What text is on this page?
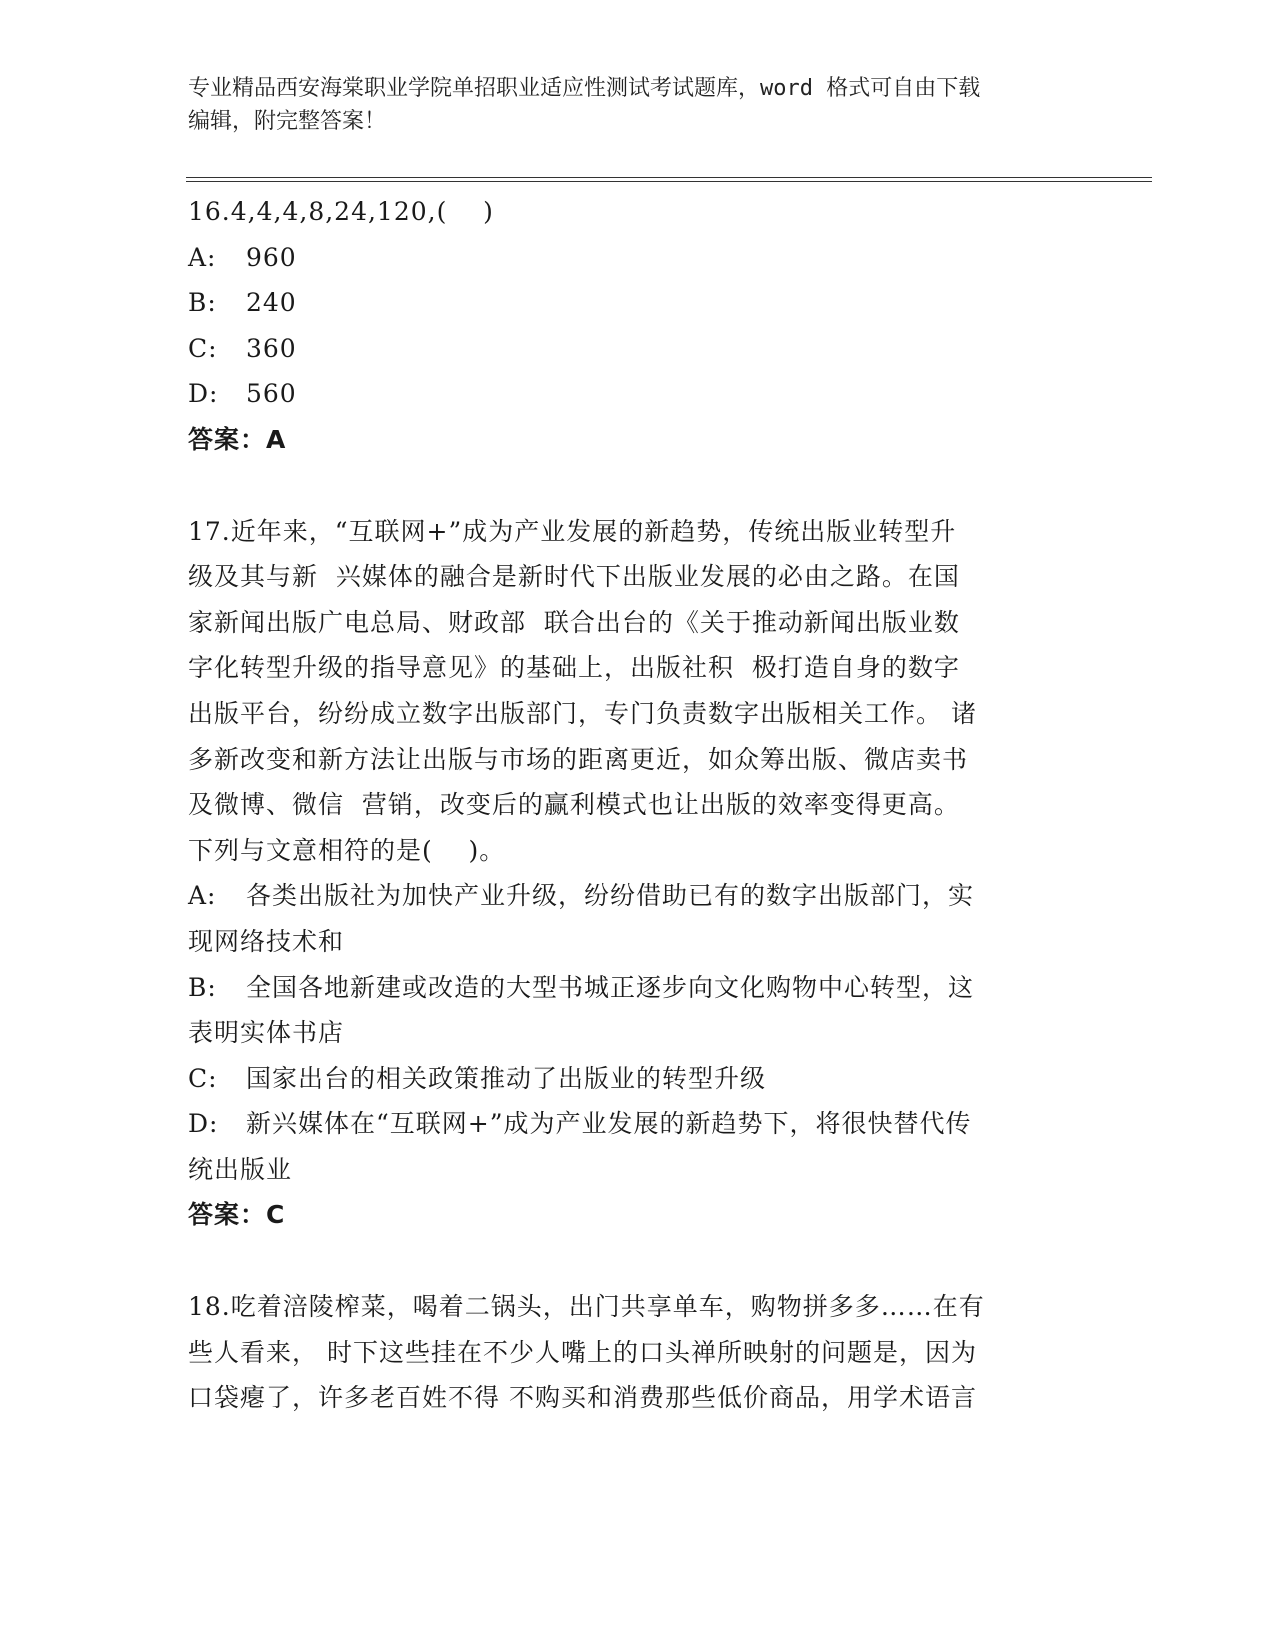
专业精品西安海棠职业学院单招职业适应性测试考试题库，word 格式可自由下载
编辑，附完整答案！
16.4,4,4,8,24,120,(    )
A: 960
B: 240
C: 360
D: 560
答案：A
17.近年来，“互联网+”成为产业发展的新趋势，传统出版业转型升
级及其与新  兴媒体的融合是新时代下出版业发展的必由之路。在国
家新闻出版广电总局、财政部  联合出台的《关于推动新闻出版业数
字化转型升级的指导意见》的基础上，出版社积  极打造自身的数字
出版平台，纷纷成立数字出版部门，专门负责数字出版相关工作。 诸
多新改变和新方法让出版与市场的距离更近，如众筹出版、微店卖书
及微博、微信  营销，改变后的赢利模式也让出版的效率变得更高。
下列与文意相符的是(    )。
A: 各类出版社为加快产业升级，纷纷借助已有的数字出版部门，实
现网络技术和
B: 全国各地新建或改造的大型书城正逐步向文化购物中心转型，这
表明实体书店
C: 国家出台的相关政策推动了出版业的转型升级
D: 新兴媒体在“互联网+”成为产业发展的新趋势下，将很快替代传
统出版业
答案：C
18.吃着涪陵榨菜，喝着二锅头，出门共享单车，购物拼多多……在有
些人看来， 时下这些挂在不少人嘴上的口头禅所映射的问题是，因为
口袋瘪了，许多老百姓不得 不购买和消费那些低价商品，用学术语言
